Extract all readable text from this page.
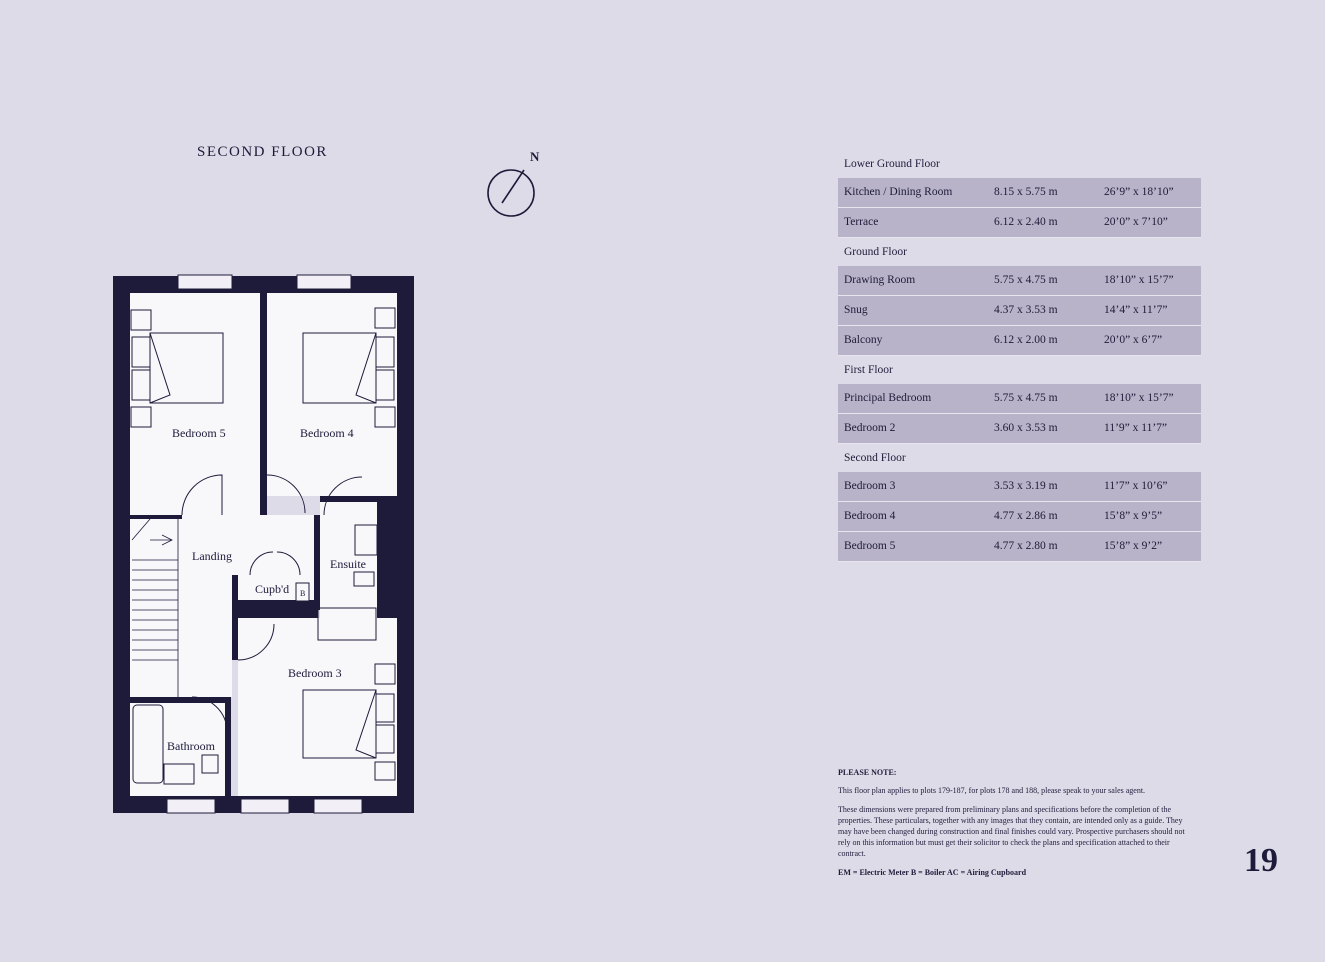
SECOND FLOOR	N
Bedroom 5	Bedroom 4
Landing
Ensuite
Cupb'd B
Bedroom 3
Bathroom
Lower Ground Floor
Kitchen / Dining Room	8.15 x 5.75 m	26’9” x 18’10”
Terrace	6.12 x 2.40 m	20’0” x 7’10”
Ground Floor
Drawing Room	5.75 x 4.75 m	18’10” x 15’7”
Snug	4.37 x 3.53 m	14’4” x 11’7”
Balcony	6.12 x 2.00 m	20’0” x 6’7”
First Floor
Principal Bedroom	5.75 x 4.75 m	18’10” x 15’7”
Bedroom 2	3.60 x 3.53 m	11’9” x 11’7”
Second Floor
Bedroom 3	3.53 x 3.19 m	11’7” x 10’6”
Bedroom 4	4.77 x 2.86 m	15’8” x 9’5”
Bedroom 5	4.77 x 2.80 m	15’8” x 9’2”

PLEASE NOTE:

This floor plan applies to plots 179-187, for plots 178 and 188, please speak to your sales agent.

These dimensions were prepared from preliminary plans and specifications before the completion of the properties. These particulars, together with any images that they contain, are intended only as a guide. They may have been changed during construction and final finishes could vary. Prospective purchasers should not rely on this information but must get their solicitor to check the plans and specification attached to their contract.

EM = Electric Meter B = Boiler AC = Airing Cupboard	19
